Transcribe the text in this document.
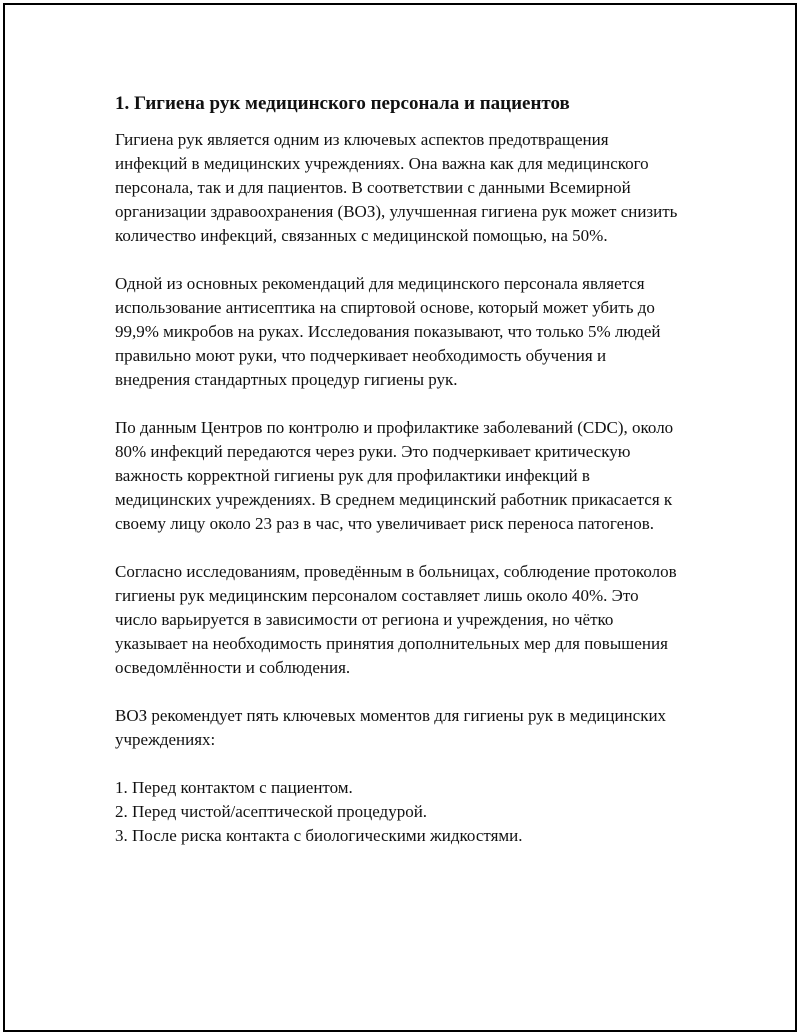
1. Гигиена рук медицинского персонала и пациентов

Гигиена рук является одним из ключевых аспектов предотвращения инфекций в медицинских учреждениях. Она важна как для медицинского персонала, так и для пациентов. В соответствии с данными Всемирной организации здравоохранения (ВОЗ), улучшенная гигиена рук может снизить количество инфекций, связанных с медицинской помощью, на 50%.

Одной из основных рекомендаций для медицинского персонала является использование антисептика на спиртовой основе, который может убить до 99,9% микробов на руках. Исследования показывают, что только 5% людей правильно моют руки, что подчеркивает необходимость обучения и внедрения стандартных процедур гигиены рук.

По данным Центров по контролю и профилактике заболеваний (CDC), около 80% инфекций передаются через руки. Это подчеркивает критическую важность корректной гигиены рук для профилактики инфекций в медицинских учреждениях. В среднем медицинский работник прикасается к своему лицу около 23 раз в час, что увеличивает риск переноса патогенов.

Согласно исследованиям, проведённым в больницах, соблюдение протоколов гигиены рук медицинским персоналом составляет лишь около 40%. Это число варьируется в зависимости от региона и учреждения, но чётко указывает на необходимость принятия дополнительных мер для повышения осведомлённости и соблюдения.

ВОЗ рекомендует пять ключевых моментов для гигиены рук в медицинских учреждениях:

1. Перед контактом с пациентом.
2. Перед чистой/асептической процедурой.
3. После риска контакта с биологическими жидкостями.
